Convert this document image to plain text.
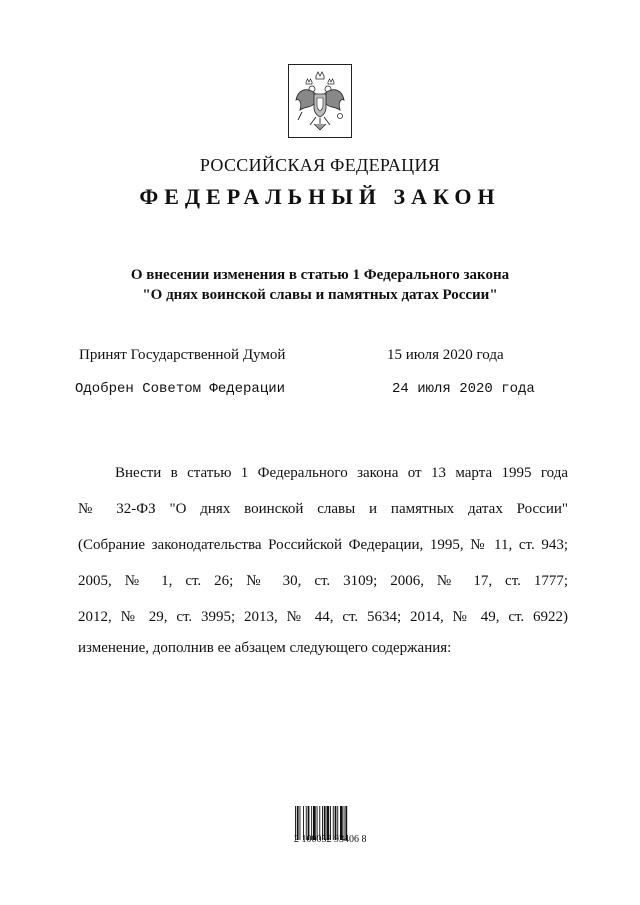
РОССИЙСКАЯ ФЕДЕРАЦИЯ
ФЕДЕРАЛЬНЫЙ ЗАКОН
О внесении изменения в статью 1 Федерального закона
"О днях воинской славы и памятных датах России"
Принят Государственной Думой	15 июля 2020 года
Одобрен Советом Федерации	24 июля 2020 года
Внести в статью 1 Федерального закона от 13 марта 1995 года
№ 32-ФЗ "О днях воинской славы и памятных датах России"
(Собрание законодательства Российской Федерации, 1995, № 11, ст. 943;
2005, № 1, ст. 26; № 30, ст. 3109; 2006, № 17, ст. 1777;
2012, № 29, ст. 3995; 2013, № 44, ст. 5634; 2014, № 49, ст. 6922)
изменение, дополнив ее абзацем следующего содержания:
2 100052 93406 8
